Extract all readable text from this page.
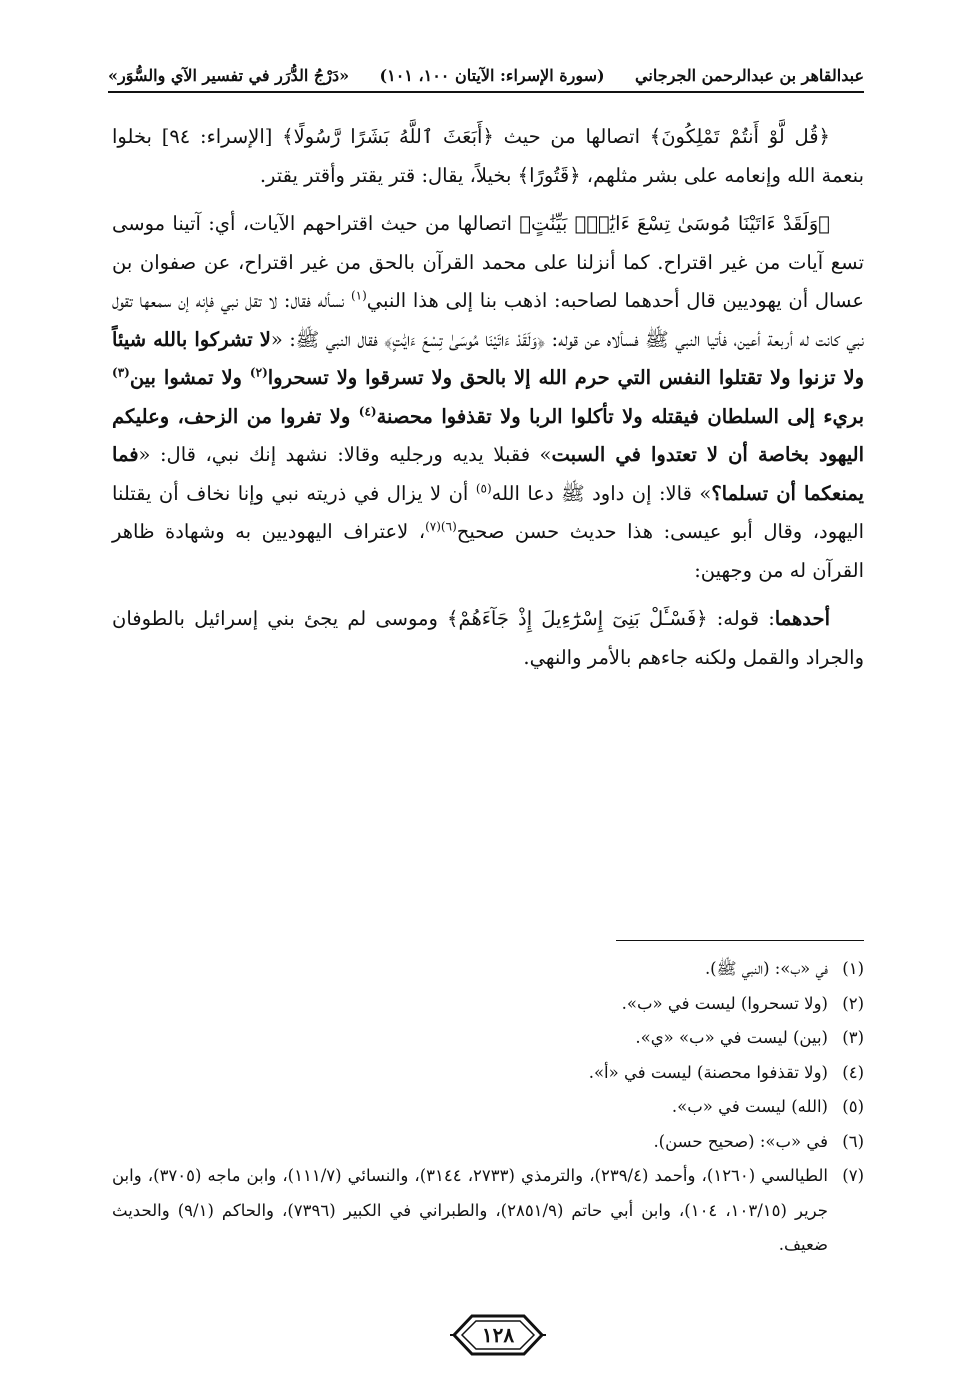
عبدالقاهر بن عبدالرحمن الجرجاني
(سورة الإسراء: الآيتان ١٠٠، ١٠١)
«دَرْجُ الدُّرَر في تفسير الآي والسُّوَر»

﴿قُل لَّوْ أَنتُمْ تَمْلِكُونَ﴾ اتصالها من حيث ﴿أَبَعَثَ ٱللَّهُ بَشَرًا رَّسُولًا﴾ [الإسراء: ٩٤] بخلوا بنعمة الله وإنعامه على بشر مثلهم، ﴿قَتُورًا﴾ بخيلاً، يقال: قتر يقتر وأقتر يقتر.

﴿وَلَقَدْ ءَاتَيْنَا مُوسَىٰ تِسْعَ ءَايَٰتٍۭ بَيِّنَٰتٍ﴾ اتصالها من حيث اقتراحهم الآيات، أي: آتينا موسى تسع آيات من غير اقتراح. كما أنزلنا على محمد القرآن بالحق من غير اقتراح، عن صفوان بن عسال أن يهوديين قال أحدهما لصاحبه: اذهب بنا إلى هذا النبي$^{(١)}$ نسأله فقال: لا تقل نبي فإنه إن سمعها تقول نبي كانت له أربعة أعين، فأتيا النبي ﷺ فسألاه عن قوله: ﴿وَلَقَدْ ءَاتَيْنَا مُوسَىٰ تِسْعَ ءَايَٰتٍ﴾ فقال النبي ﷺ: «لا تشركوا بالله شيئاً ولا تزنوا ولا تقتلوا النفس التي حرم الله إلا بالحق ولا تسرقوا ولا تسحروا$^{(٢)}$ ولا تمشوا بين$^{(٣)}$ بريء إلى السلطان فيقتله ولا تأكلوا الربا ولا تقذفوا محصنة$^{(٤)}$ ولا تفروا من الزحف، وعليكم اليهود بخاصة أن لا تعتدوا في السبت» فقبلا يديه ورجليه وقالا: نشهد إنك نبي، قال: «فما يمنعكما أن تسلما؟» قالا: إن داود ﷺ دعا الله$^{(٥)}$ أن لا يزال في ذريته نبي وإنا نخاف أن يقتلنا اليهود، وقال أبو عيسى: هذا حديث حسن صحيح$^{(٦)(٧)}$، لاعتراف اليهوديين به وشهادة ظاهر القرآن له من وجهين:

أحدهما: قوله: ﴿فَسْـَٔلْ بَنِىٓ إِسْرَٰٓءِيلَ إِذْ جَآءَهُمْ﴾ وموسى لم يجئ بني إسرائيل بالطوفان والجراد والقمل ولكنه جاءهم بالأمر والنهي.

(١)
في «ب»: (النبي ﷺ).
(٢)
(ولا تسحروا) ليست في «ب».
(٣)
(بين) ليست في «ب» «ي».
(٤)
(ولا تقذفوا محصنة) ليست في «أ».
(٥)
(الله) ليست في «ب».
(٦)
في «ب»: (صحيح حسن).
(٧)
الطيالسي (١٢٦٠)، وأحمد (٢٣٩/٤)، والترمذي (٢٧٣٣، ٣١٤٤)، والنسائي (١١١/٧)، وابن ماجه (٣٧٠٥)، وابن جرير (١٠٣/١٥، ١٠٤)، وابن أبي حاتم (٢٨٥١/٩)، والطبراني في الكبير (٧٣٩٦)، والحاكم (٩/١) والحديث ضعيف.
١٢٨
